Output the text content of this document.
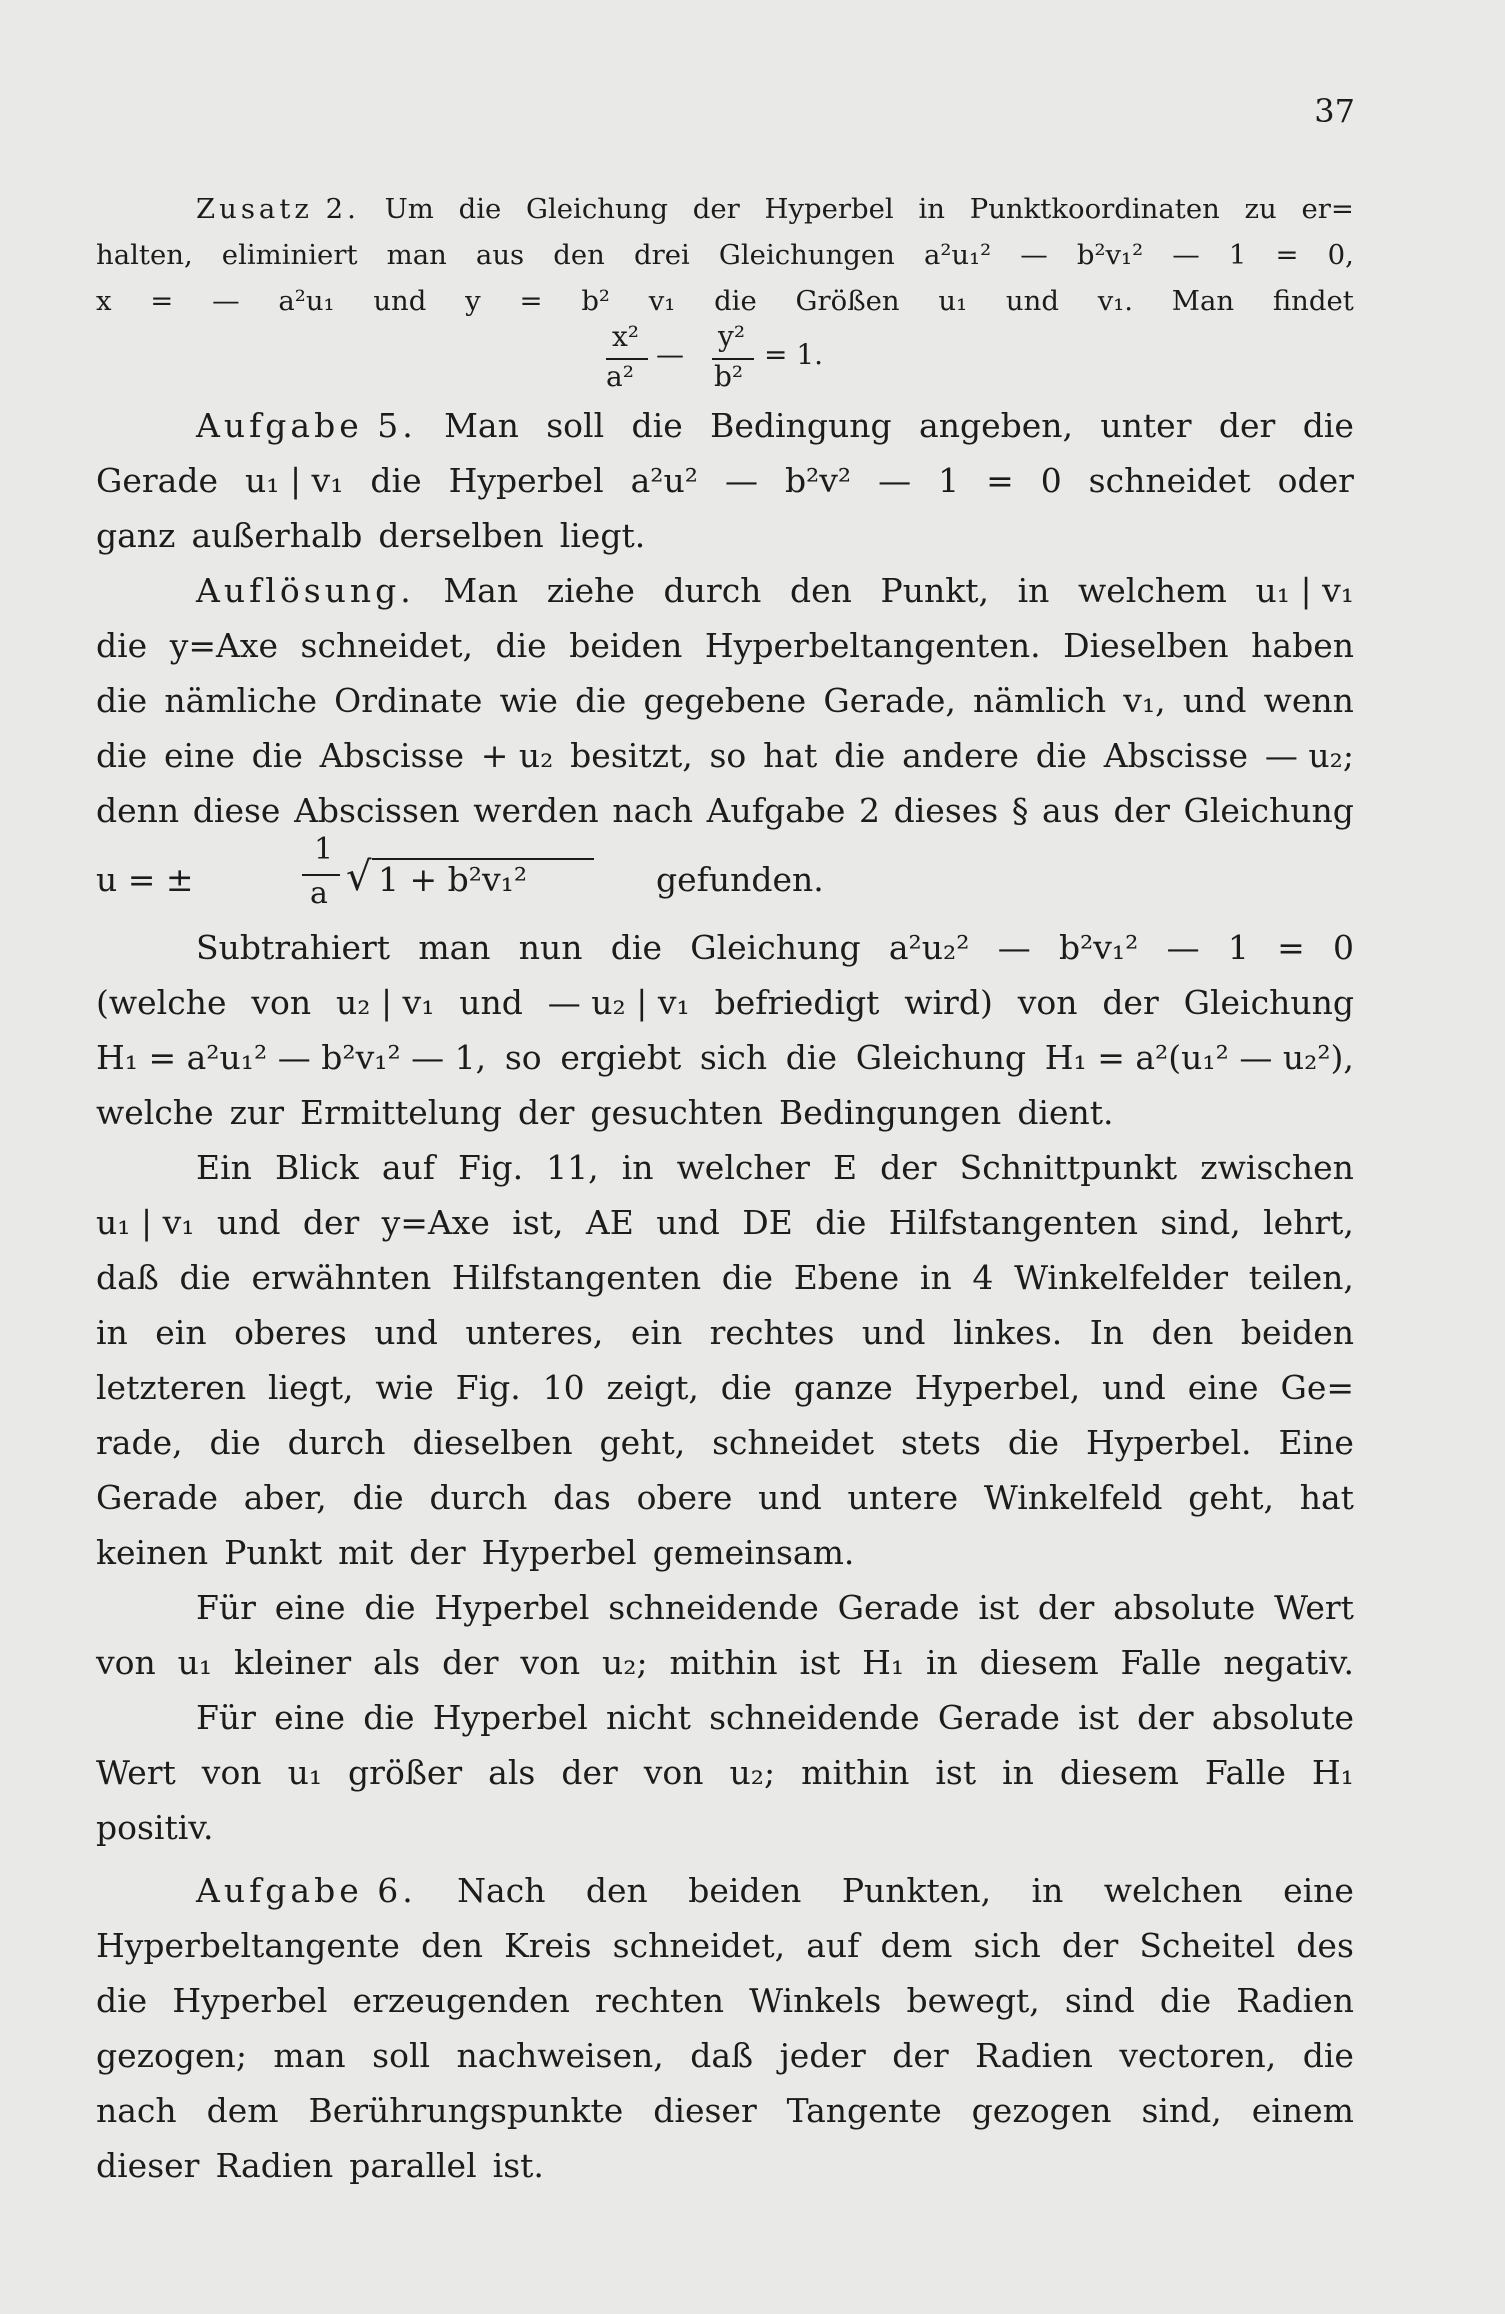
37
Zusatz 2. Um die Gleichung der Hyperbel in Punktkoordinaten zu er=
halten, eliminiert man aus den drei Gleichungen a²u₁² — b²v₁² — 1 = 0,
x = — a²u₁ und y = b² v₁ die Größen u₁ und v₁. Man findet
x²
a²
—
y²
b²
= 1.
Aufgabe 5. Man soll die Bedingung angeben, unter der die
Gerade u₁ | v₁ die Hyperbel a²u² — b²v² — 1 = 0 schneidet oder
ganz außerhalb derselben liegt.
Auflösung. Man ziehe durch den Punkt, in welchem u₁ | v₁
die y=Axe schneidet, die beiden Hyperbeltangenten. Dieselben haben
die nämliche Ordinate wie die gegebene Gerade, nämlich v₁, und wenn
die eine die Abscisse + u₂ besitzt, so hat die andere die Abscisse — u₂;
denn diese Abscissen werden nach Aufgabe 2 dieses § aus der Gleichung
u = ±
1
a √ 1 + b²v₁²	gefunden.
Subtrahiert man nun die Gleichung a²u₂² — b²v₁² — 1 = 0
(welche von u₂ | v₁ und — u₂ | v₁ befriedigt wird) von der Gleichung
H₁ = a²u₁² — b²v₁² — 1, so ergiebt sich die Gleichung H₁ = a²(u₁² — u₂²),
welche zur Ermittelung der gesuchten Bedingungen dient.
Ein Blick auf Fig. 11, in welcher E der Schnittpunkt zwischen
u₁ | v₁ und der y=Axe ist, AE und DE die Hilfstangenten sind, lehrt,
daß die erwähnten Hilfstangenten die Ebene in 4 Winkelfelder teilen,
in ein oberes und unteres, ein rechtes und linkes. In den beiden
letzteren liegt, wie Fig. 10 zeigt, die ganze Hyperbel, und eine Ge=
rade, die durch dieselben geht, schneidet stets die Hyperbel. Eine
Gerade aber, die durch das obere und untere Winkelfeld geht, hat
keinen Punkt mit der Hyperbel gemeinsam.
Für eine die Hyperbel schneidende Gerade ist der absolute Wert
von u₁ kleiner als der von u₂; mithin ist H₁ in diesem Falle negativ.
Für eine die Hyperbel nicht schneidende Gerade ist der absolute
Wert von u₁ größer als der von u₂; mithin ist in diesem Falle H₁
positiv.
Aufgabe 6. Nach den beiden Punkten, in welchen eine
Hyperbeltangente den Kreis schneidet, auf dem sich der Scheitel des
die Hyperbel erzeugenden rechten Winkels bewegt, sind die Radien
gezogen; man soll nachweisen, daß jeder der Radien vectoren, die
nach dem Berührungspunkte dieser Tangente gezogen sind, einem
dieser Radien parallel ist.
